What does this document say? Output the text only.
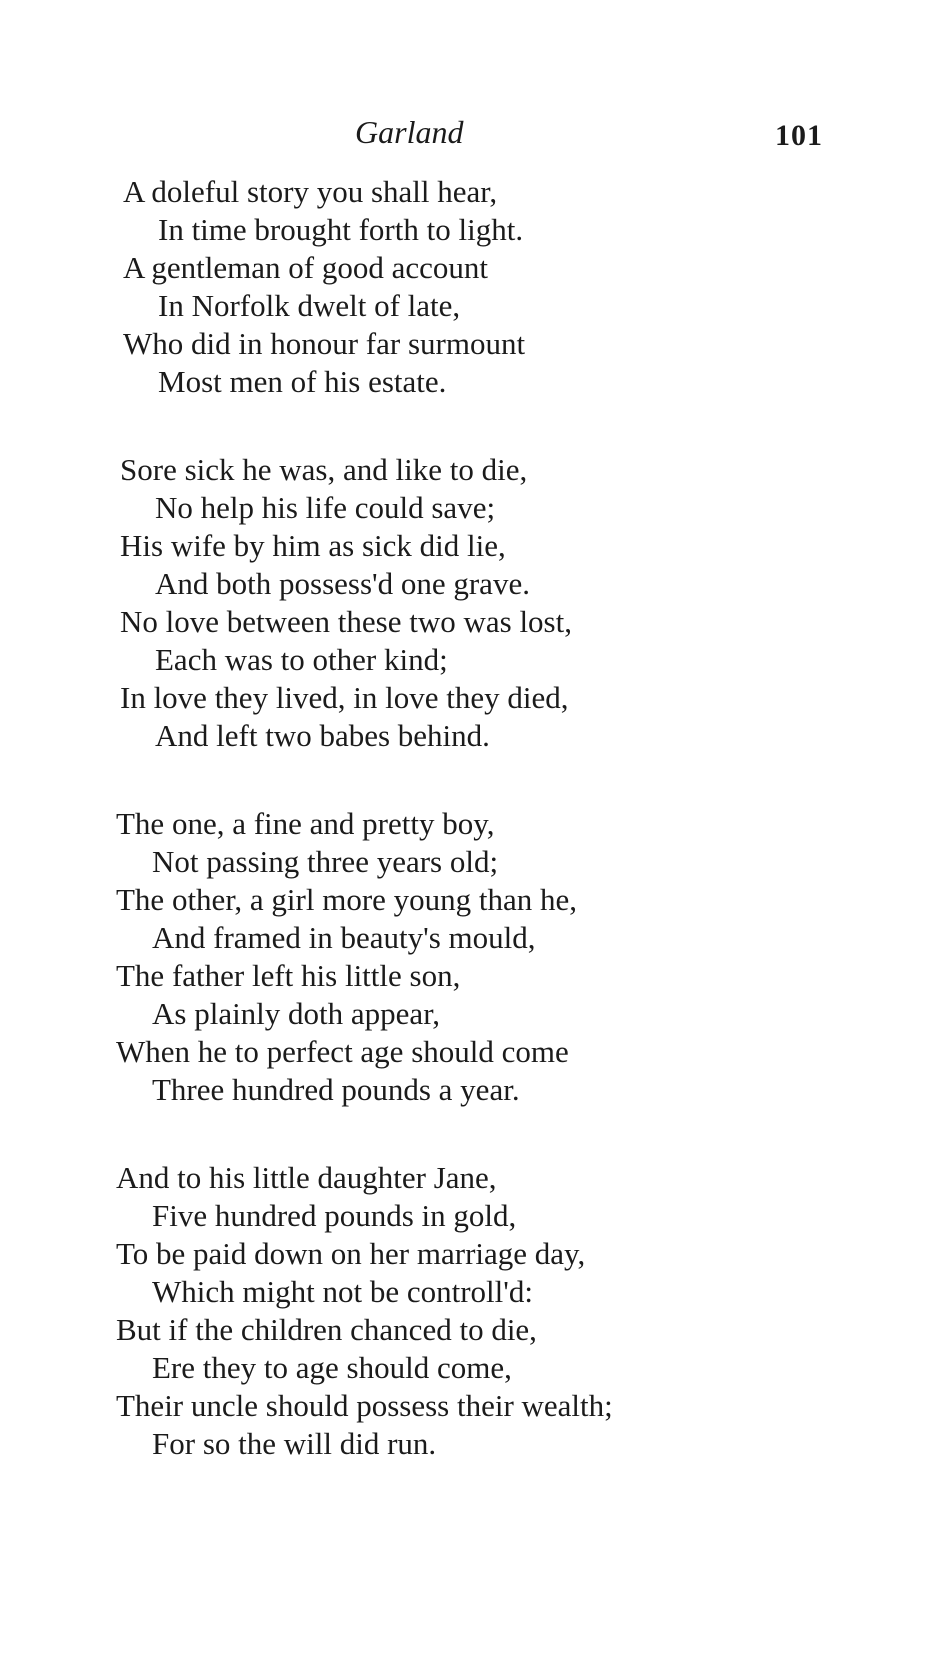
Garland	101
A doleful story you shall hear,
In time brought forth to light.
A gentleman of good account
In Norfolk dwelt of late,
Who did in honour far surmount
Most men of his estate.
Sore sick he was, and like to die,
No help his life could save;
His wife by him as sick did lie,
And both possess'd one grave.
No love between these two was lost,
Each was to other kind;
In love they lived, in love they died,
And left two babes behind.
The one, a fine and pretty boy,
Not passing three years old;
The other, a girl more young than he,
And framed in beauty's mould,
The father left his little son,
As plainly doth appear,
When he to perfect age should come
Three hundred pounds a year.
And to his little daughter Jane,
Five hundred pounds in gold,
To be paid down on her marriage day,
Which might not be controll'd:
But if the children chanced to die,
Ere they to age should come,
Their uncle should possess their wealth;
For so the will did run.
